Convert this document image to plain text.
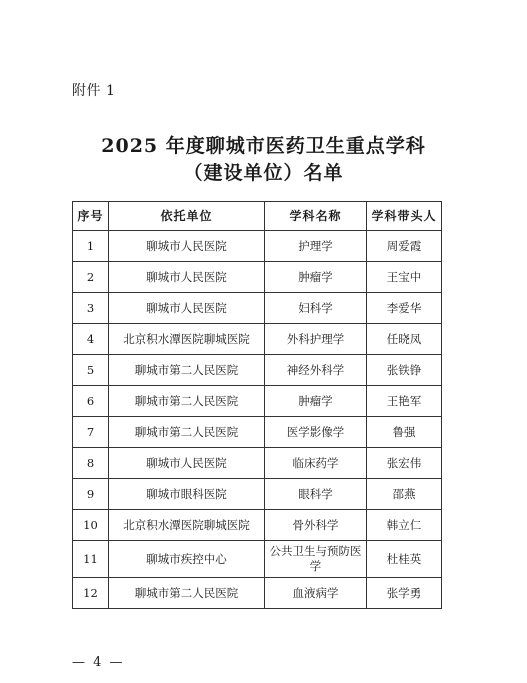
附件 1
2025 年度聊城市医药卫生重点学科
（建设单位）名单
序号	依托单位	学科名称	学科带头人
1	聊城市人民医院	护理学	周爱霞
2	聊城市人民医院	肿瘤学	王宝中
3	聊城市人民医院	妇科学	李爱华
4	北京积水潭医院聊城医院	外科护理学	任晓凤
5	聊城市第二人民医院	神经外科学	张铁铮
6	聊城市第二人民医院	肿瘤学	王艳军
7	聊城市第二人民医院	医学影像学	鲁强
8	聊城市人民医院	临床药学	张宏伟
9	聊城市眼科医院	眼科学	邵燕
10	北京积水潭医院聊城医院	骨外科学	韩立仁
11	聊城市疾控中心	公共卫生与预防医学	杜桂英
12	聊城市第二人民医院	血液病学	张学勇
— 4 —
